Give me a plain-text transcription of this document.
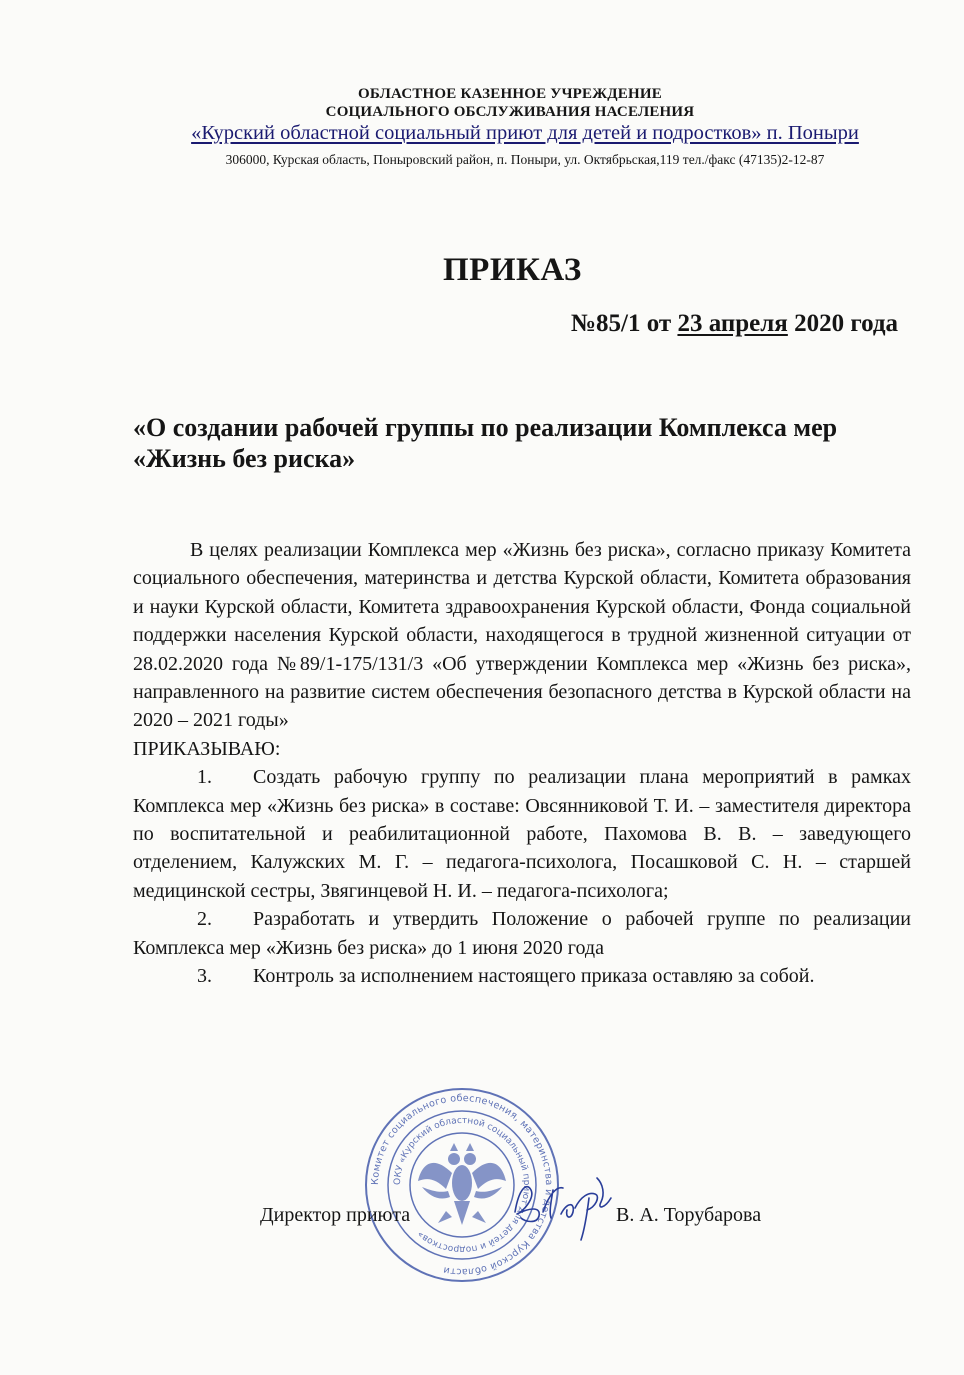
ОБЛАСТНОЕ КАЗЕННОЕ УЧРЕЖДЕНИЕ
СОЦИАЛЬНОГО ОБСЛУЖИВАНИЯ НАСЕЛЕНИЯ
«Курский областной социальный приют для детей и подростков» п. Поныри
306000, Курская область, Поныровский район, п. Поныри, ул. Октябрьская,119 тел./факс (47135)2-12-87
ПРИКАЗ
№85/1 от 23 апреля 2020 года
«О создании рабочей группы по реализации Комплекса мер «Жизнь без риска»

В целях реализации Комплекса мер «Жизнь без риска», согласно приказу Комитета социального обеспечения, материнства и детства Курской области, Комитета образования и науки Курской области, Комитета здравоохранения Курской области, Фонда социальной поддержки населения Курской области, находящегося в трудной жизненной ситуации от 28.02.2020 года №89/1-175/131/3 «Об утверждении Комплекса мер «Жизнь без риска», направленного на развитие систем обеспечения безопасного детства в Курской области на 2020 – 2021 годы»

ПРИКАЗЫВАЮ:

1. Создать рабочую группу по реализации плана мероприятий в рамках Комплекса мер «Жизнь без риска» в составе: Овсянниковой Т. И. – заместителя директора по воспитательной и реабилитационной работе, Пахомова В. В. – заведующего отделением, Калужских М. Г. – педагога-психолога, Посашковой С. Н. – старшей медицинской сестры, Звягинцевой Н. И. – педагога-психолога;

2. Разработать и утвердить Положение о рабочей группе по реализации Комплекса мер «Жизнь без риска» до 1 июня 2020 года

3. Контроль за исполнением настоящего приказа оставляю за собой.

Комитет социального обеспечения, материнства и детства Курской области
ОКУ «Курский областной социальный приют для детей и подростков»
Директор приюта	В. А. Торубарова
